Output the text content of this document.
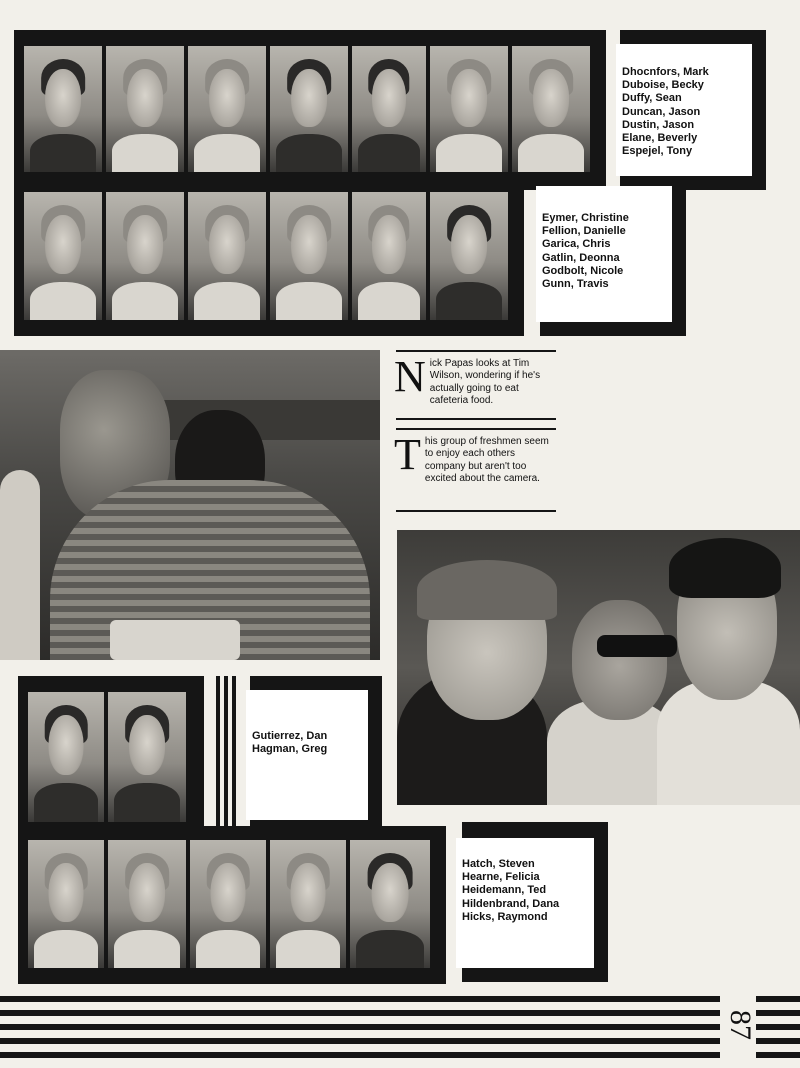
Dhocnfors, Mark
Duboise, Becky
Duffy, Sean
Duncan, Jason
Dustin, Jason
Elane, Beverly
Espejel, Tony
Eymer, Christine
Fellion, Danielle
Garica, Chris
Gatlin, Deonna
Godbolt, Nicole
Gunn, Travis
Nick Papas looks at Tim Wilson, wondering if he's actually going to eat cafeteria food.
This group of freshmen seem to enjoy each others company but aren't too excited about the camera.
Gutierrez, Dan
Hagman, Greg
Hatch, Steven
Hearne, Felicia
Heidemann, Ted
Hildenbrand, Dana
Hicks, Raymond
87
